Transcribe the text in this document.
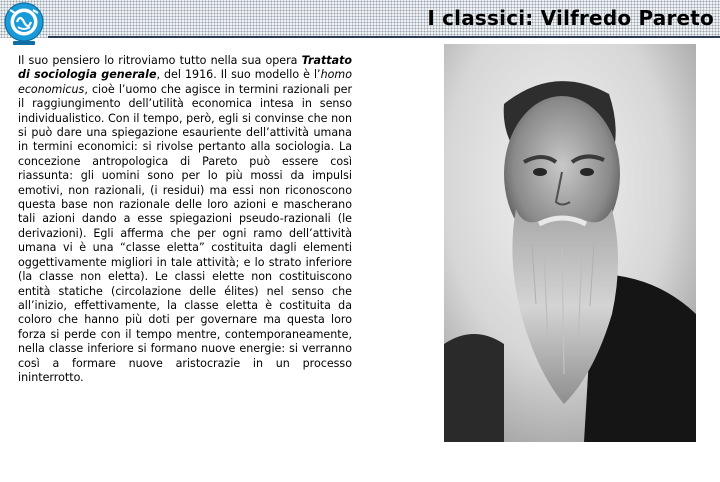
I classici: Vilfredo Pareto

Il suo pensiero lo ritroviamo tutto nella sua opera Trattato di sociologia generale, del 1916. Il suo modello è l’homo economicus, cioè l’uomo che agisce in termini razionali per il raggiungimento dell’utilità economica intesa in senso individualistico. Con il tempo, però, egli si convinse che non si può dare una spiegazione esauriente dell’attività umana in termini economici: si rivolse pertanto alla sociologia. La concezione antropologica di Pareto può essere così riassunta: gli uomini sono per lo più mossi da impulsi emotivi, non razionali, (i residui) ma essi non riconoscono questa base non razionale delle loro azioni e mascherano tali azioni dando a esse spiegazioni pseudo-razionali (le derivazioni). Egli afferma che per ogni ramo dell’attività umana vi è una “classe eletta” costituita dagli elementi oggettivamente migliori in tale attività; e lo strato inferiore (la classe non eletta). Le classi elette non costituiscono entità statiche (circolazione delle élites) nel senso che all’inizio, effettivamente, la classe eletta è costituita da coloro che hanno più doti per governare ma questa loro forza si perde con il tempo mentre, contemporaneamente, nella classe inferiore si formano nuove energie: si verranno così a formare nuove aristocrazie in un processo ininterrotto.
